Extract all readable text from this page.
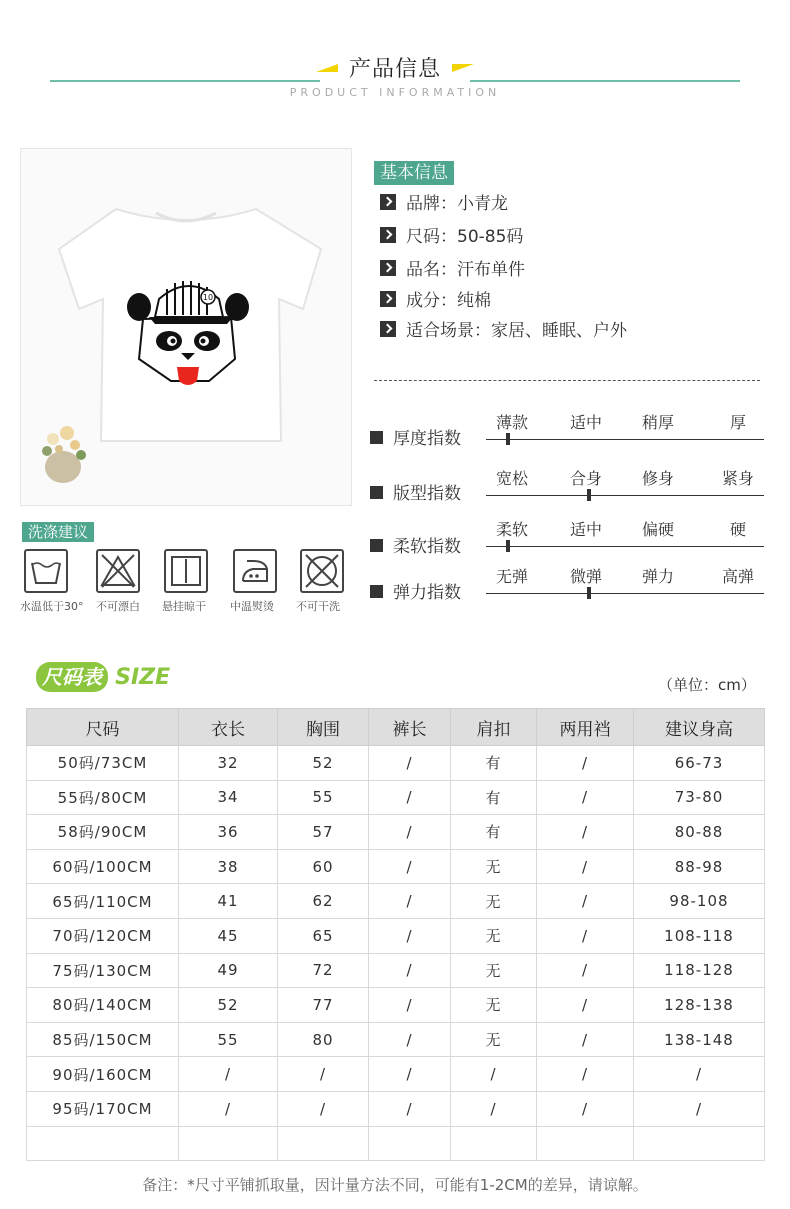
产品信息
PRODUCT INFORMATION
10
基本信息
品牌：小青龙
尺码：50-85码
品名：汗布单件
成分：纯棉
适合场景：家居、睡眠、户外
厚度指数
薄款	适中	稍厚	厚
版型指数
宽松	合身	修身	紧身
柔软指数
柔软	适中	偏硬	硬
弹力指数
无弹	微弹	弹力	高弹
洗涤建议
水温低于30° 不可漂白 悬挂晾干 中温熨烫 不可干洗
尺码表 SIZE	（单位：cm）
尺码	衣长	胸围	裤长	肩扣	两用裆	建议身高
50码/73CM	32	52	/	有	/	66-73
55码/80CM	34	55	/	有	/	73-80
58码/90CM	36	57	/	有	/	80-88
60码/100CM	38	60	/	无	/	88-98
65码/110CM	41	62	/	无	/	98-108
70码/120CM	45	65	/	无	/	108-118
75码/130CM	49	72	/	无	/	118-128
80码/140CM	52	77	/	无	/	128-138
85码/150CM	55	80	/	无	/	138-148
90码/160CM	/	/	/	/	/	/
95码/170CM	/	/	/	/	/	/

备注：*尺寸平铺抓取量，因计量方法不同，可能有1-2CM的差异，请谅解。
